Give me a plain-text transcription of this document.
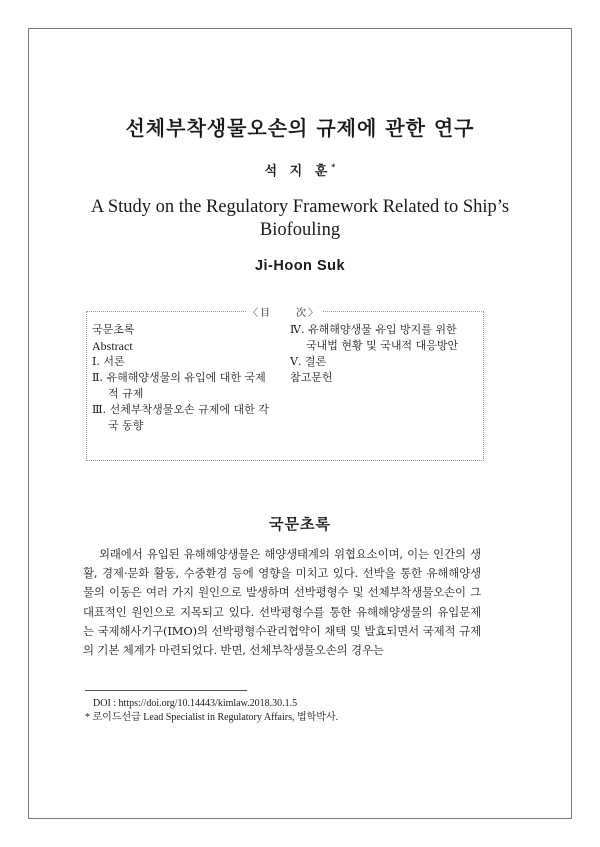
선체부착생물오손의 규제에 관한 연구
석 지 훈*
A Study on the Regulatory Framework Related to Ship’s
Biofouling
Ji-Hoon Suk
〈目　　次〉

국문초록

Abstract

Ⅰ. 서론

Ⅱ. 유해해양생물의 유입에 대한 국제
적 규제

Ⅲ. 선체부착생물오손 규제에 대한 각
국 동향

Ⅳ. 유해해양생물 유입 방지를 위한
국내법 현황 및 국내적 대응방안

Ⅴ. 결론

참고문헌

국문초록

외래에서 유입된 유해해양생물은 해양생태계의 위협요소이며, 이는 인간의 생활, 경제·문화 활동, 수중환경 등에 영향을 미치고 있다. 선박을 통한 유해해양생물의 이동은 여러 가지 원인으로 발생하며 선박평형수 및 선체부착생물오손이 그 대표적인 원인으로 지목되고 있다. 선박평형수를 통한 유해해양생물의 유입문제는 국제해사기구(IMO)의 선박평형수관리협약이 채택 및 발효되면서 국제적 규제의 기본 체계가 마련되었다. 반면, 선체부착생물오손의 경우는

DOI : https://doi.org/10.14443/kimlaw.2018.30.1.5

* 로이드선급 Lead Specialist in Regulatory Affairs, 법학박사.
